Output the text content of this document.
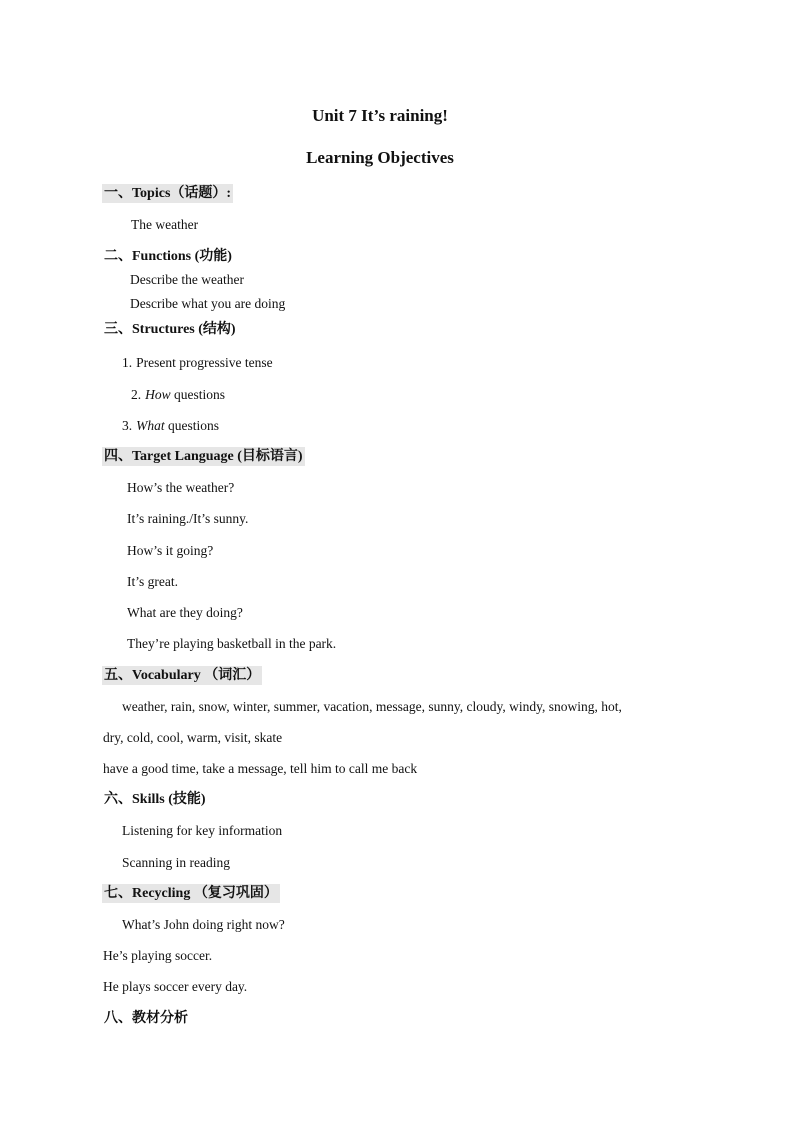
Unit 7 It’s raining!
Learning Objectives
一、Topics（话题）:
The weather
二、Functions (功能)
Describe the weather
Describe what you are doing
三、Structures (结构)
1. Present progressive tense
2. How questions
3. What questions
四、Target Language (目标语言)
How’s the weather?
It’s raining./It’s sunny.
How’s it going?
It’s great.
What are they doing?
They’re playing basketball in the park.
五、Vocabulary （词汇）
weather, rain, snow, winter, summer, vacation, message, sunny, cloudy, windy, snowing, hot,
dry, cold, cool, warm, visit, skate
have a good time, take a message, tell him to call me back
六、Skills (技能)
Listening for key information
Scanning in reading
七、Recycling （复习巩固）
What’s John doing right now?
He’s playing soccer.
He plays soccer every day.
八、教材分析
